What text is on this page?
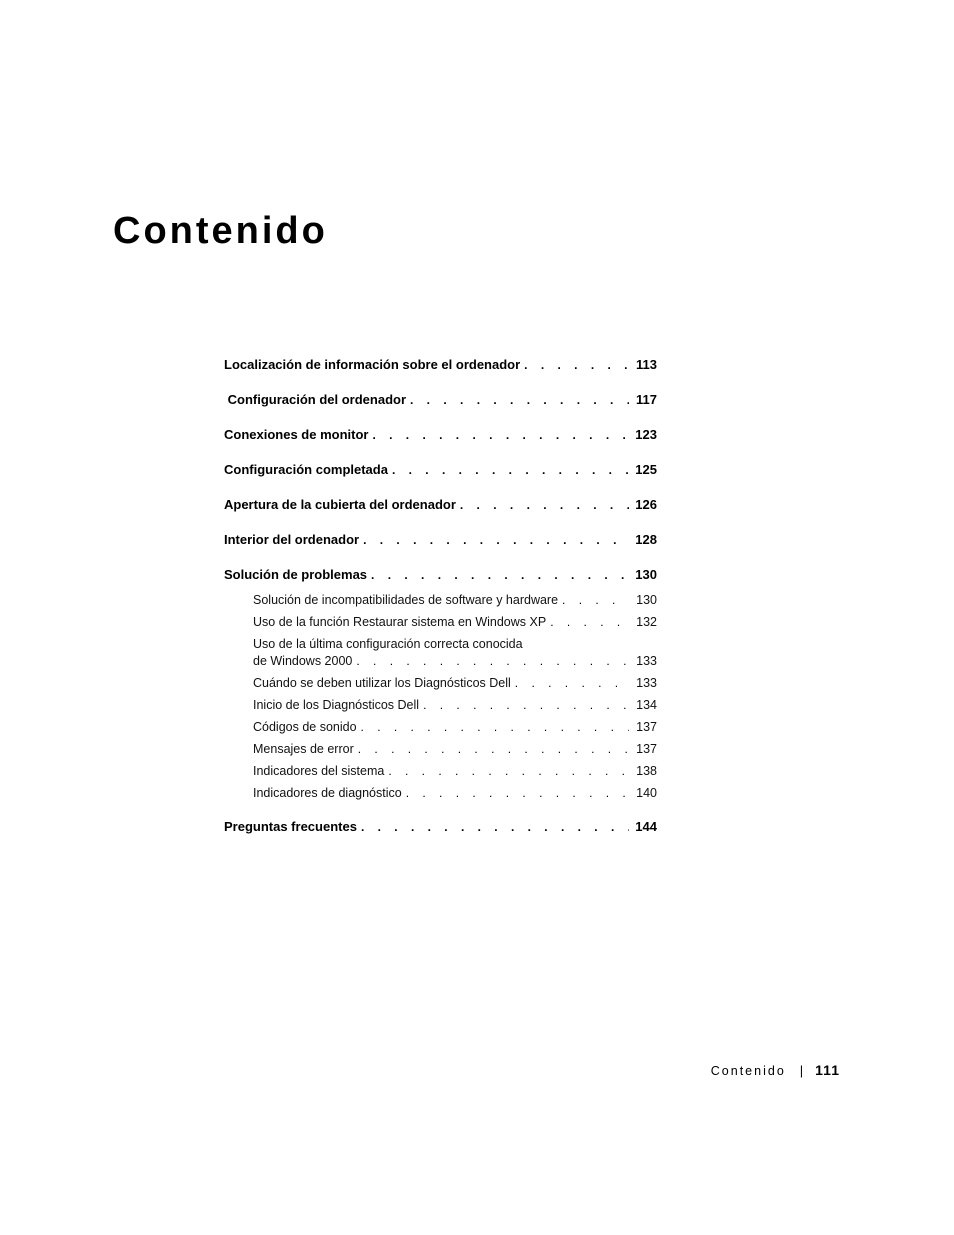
Contenido
Localización de información sobre el ordenador . . .	113
Configuración del ordenador . . .	117
Conexiones de monitor . . .	123
Configuración completada . . .	125
Apertura de la cubierta del ordenador . . .	126
Interior del ordenador . . .	128
Solución de problemas . . .	130
Solución de incompatibilidades de software y hardware . . .	130
Uso de la función Restaurar sistema en Windows XP . . .	132
Uso de la última configuración correcta conocida
de Windows 2000 . . .	133
Cuándo se deben utilizar los Diagnósticos Dell . . .	133
Inicio de los Diagnósticos Dell . . .	134
Códigos de sonido . . .	137
Mensajes de error . . .	137
Indicadores del sistema . . .	138
Indicadores de diagnóstico . . .	140
Preguntas frecuentes . . .	144
Contenido | 111
